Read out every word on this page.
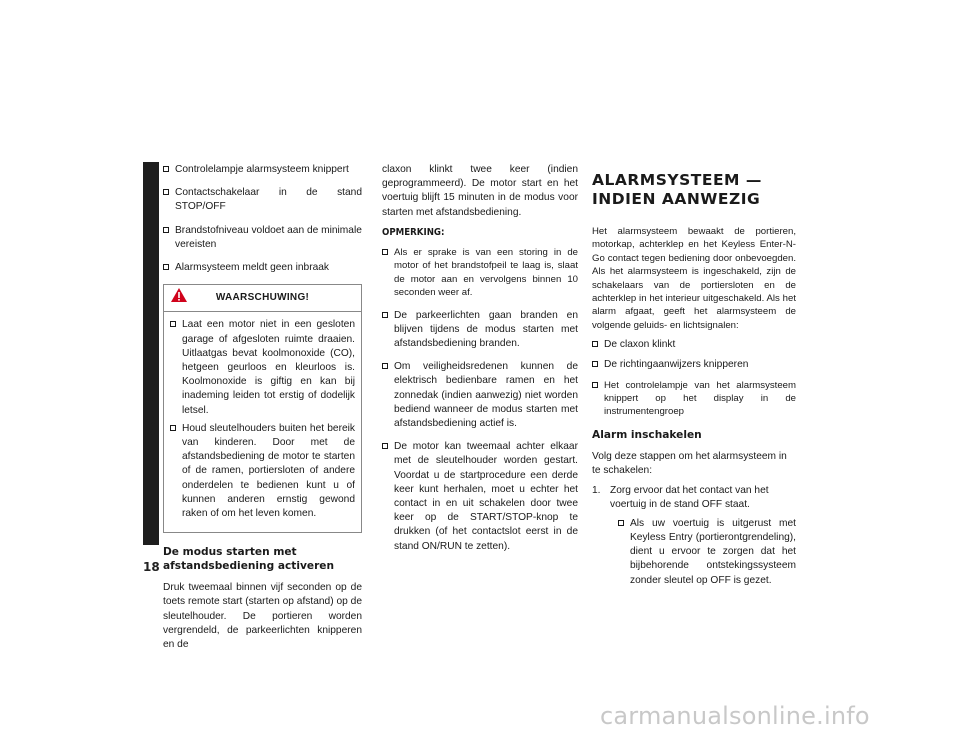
UW VOERTUIG LEREN KENNEN
18
Controlelampje alarmsysteem knippert
Contactschakelaar in de stand STOP/OFF
Brandstofniveau voldoet aan de minimale vereisten
Alarmsysteem meldt geen inbraak
WAARSCHUWING!
Laat een motor niet in een gesloten garage of afgesloten ruimte draaien. Uitlaatgas bevat koolmonoxide (CO), hetgeen geurloos en kleurloos is. Koolmonoxide is giftig en kan bij inademing leiden tot erstig of dodelijk letsel.
Houd sleutelhouders buiten het bereik van kinderen. Door met de afstandsbediening de motor te starten of de ramen, portiersloten of andere onderdelen te bedienen kunt u of kunnen anderen ernstig gewond raken of om het leven komen.
De modus starten met afstandsbediening activeren
Druk tweemaal binnen vijf seconden op de toets remote start (starten op afstand) op de sleutelhouder. De portieren worden vergrendeld, de parkeerlichten knipperen en de
claxon klinkt twee keer (indien geprogrammeerd). De motor start en het voertuig blijft 15 minuten in de modus voor starten met afstandsbediening.
OPMERKING:
Als er sprake is van een storing in de motor of het brandstofpeil te laag is, slaat de motor aan en vervolgens binnen 10 seconden weer af.
De parkeerlichten gaan branden en blijven tijdens de modus starten met afstandsbediening branden.
Om veiligheidsredenen kunnen de elektrisch bedienbare ramen en het zonnedak (indien aanwezig) niet worden bediend wanneer de modus starten met afstandsbediening actief is.
De motor kan tweemaal achter elkaar met de sleutelhouder worden gestart. Voordat u de startprocedure een derde keer kunt herhalen, moet u echter het contact in en uit schakelen door twee keer op de START/STOP-knop te drukken (of het contactslot eerst in de stand ON/RUN te zetten).
ALARMSYSTEEM — INDIEN AANWEZIG
Het alarmsysteem bewaakt de portieren, motorkap, achterklep en het Keyless Enter-N-Go contact tegen bediening door onbevoegden. Als het alarmsysteem is ingeschakeld, zijn de schakelaars van de portiersloten en de achterklep in het interieur uitgeschakeld. Als het alarm afgaat, geeft het alarmsysteem de volgende geluids- en lichtsignalen:
De claxon klinkt
De richtingaanwijzers knipperen
Het controlelampje van het alarmsysteem knippert op het display in de instrumentengroep
Alarm inschakelen
Volg deze stappen om het alarmsysteem in te schakelen:
1. Zorg ervoor dat het contact van het voertuig in de stand OFF staat.
Als uw voertuig is uitgerust met Keyless Entry (portierontgrendeling), dient u ervoor te zorgen dat het bijbehorende ontstekingssysteem zonder sleutel op OFF is gezet.
carmanualsonline.info
